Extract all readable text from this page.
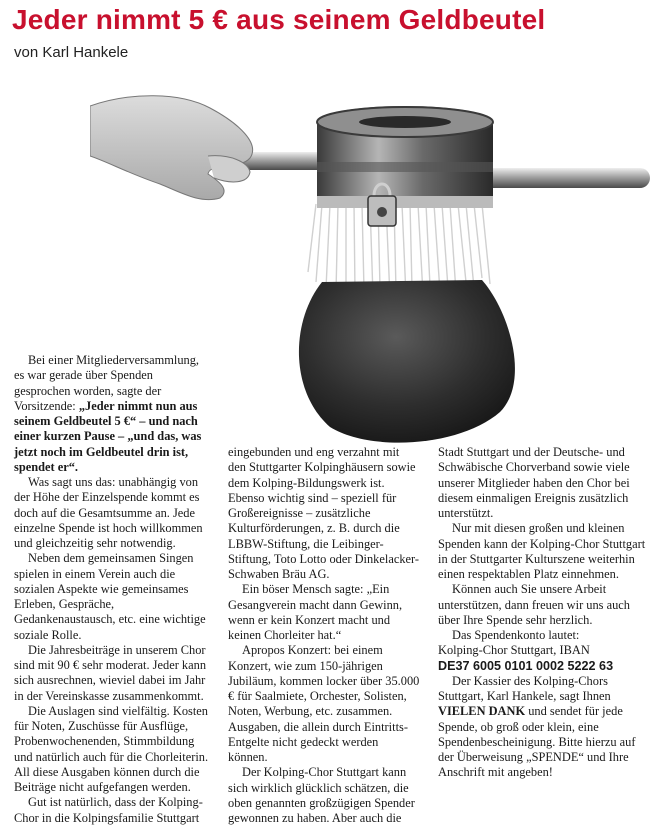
Jeder nimmt 5 € aus seinem Geldbeutel
von Karl Hankele

Bei einer Mitgliederversammlung, es war gerade über Spenden gesprochen worden, sagte der Vorsitzende: „Jeder nimmt nun aus seinem Geldbeutel 5 €“ – und nach einer kurzen Pause – „und das, was jetzt noch im Geldbeutel drin ist, spendet er“.

Was sagt uns das: unabhängig von der Höhe der Einzelspende kommt es doch auf die Gesamtsumme an. Jede einzelne Spende ist hoch willkommen und gleichzeitig sehr notwendig.

Neben dem gemeinsamen Singen spielen in einem Verein auch die sozialen Aspekte wie gemeinsames Erleben, Gespräche, Gedankenaustausch, etc. eine wichtige soziale Rolle.

Die Jahresbeiträge in unserem Chor sind mit 90 € sehr moderat. Jeder kann sich ausrechnen, wieviel dabei im Jahr in der Vereinskasse zusammenkommt.

Die Auslagen sind vielfältig. Kosten für Noten, Zuschüsse für Ausflüge, Probenwochenenden, Stimmbildung und natürlich auch für die Chorleiterin. All diese Ausgaben können durch die Beiträge nicht aufgefangen werden.

Gut ist natürlich, dass der Kolping-Chor in die Kolpingsfamilie Stuttgart

eingebunden und eng verzahnt mit den Stuttgarter Kolpinghäusern sowie dem Kolping-Bildungswerk ist. Ebenso wichtig sind – speziell für Großereignisse – zusätzliche Kulturförderungen, z. B. durch die LBBW-Stiftung, die Leibinger-Stiftung, Toto Lotto oder Dinkelacker-Schwaben Bräu AG.

Ein böser Mensch sagte: „Ein Gesangverein macht dann Gewinn, wenn er kein Konzert macht und keinen Chorleiter hat.“

Apropos Konzert: bei einem Konzert, wie zum 150-jährigen Jubiläum, kommen locker über 35.000 € für Saalmiete, Orchester, Solisten, Noten, Werbung, etc. zusammen. Ausgaben, die allein durch Eintritts-Entgelte nicht gedeckt werden können.

Der Kolping-Chor Stuttgart kann sich wirklich glücklich schätzen, die oben genannten großzügigen Spender gewonnen zu haben. Aber auch die

Stadt Stuttgart und der Deutsche- und Schwäbische Chorverband sowie viele unserer Mitglieder haben den Chor bei diesem einmaligen Ereignis zusätzlich unterstützt.

Nur mit diesen großen und kleinen Spenden kann der Kolping-Chor Stuttgart in der Stuttgarter Kulturszene weiterhin einen respektablen Platz einnehmen.

Können auch Sie unsere Arbeit unterstützen, dann freuen wir uns auch über Ihre Spende sehr herzlich.

Das Spendenkonto lautet:

Kolping-Chor Stuttgart, IBAN

DE37 6005 0101 0002 5222 63

Der Kassier des Kolping-Chors Stuttgart, Karl Hankele, sagt Ihnen VIELEN DANK und sendet für jede Spende, ob groß oder klein, eine Spendenbescheinigung. Bitte hierzu auf der Überweisung „SPENDE“ und Ihre Anschrift mit angeben!
